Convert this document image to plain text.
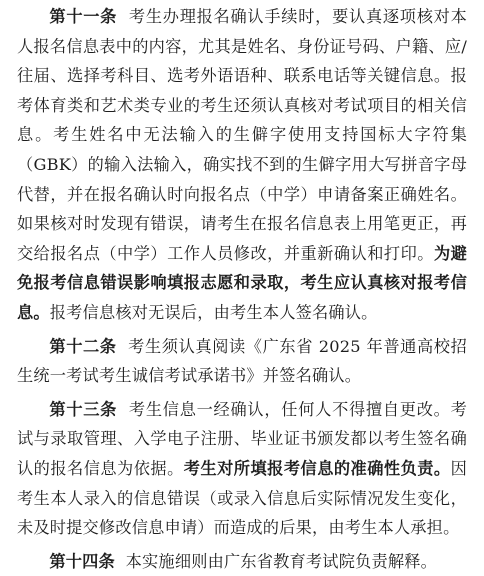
第十一条 考生办理报名确认手续时，要认真逐项核对本人报名信息表中的内容，尤其是姓名、身份证号码、户籍、应/往届、选择考科目、选考外语语种、联系电话等关键信息。报考体育类和艺术类专业的考生还须认真核对考试项目的相关信息。考生姓名中无法输入的生僻字使用支持国标大字符集（GBK）的输入法输入，确实找不到的生僻字用大写拼音字母代替，并在报名确认时向报名点（中学）申请备案正确姓名。如果核对时发现有错误，请考生在报名信息表上用笔更正，再交给报名点（中学）工作人员修改，并重新确认和打印。为避免报考信息错误影响填报志愿和录取，考生应认真核对报考信息。报考信息核对无误后，由考生本人签名确认。

第十二条 考生须认真阅读《广东省 2025 年普通高校招生统一考试考生诚信考试承诺书》并签名确认。

第十三条 考生信息一经确认，任何人不得擅自更改。考试与录取管理、入学电子注册、毕业证书颁发都以考生签名确认的报名信息为依据。考生对所填报考信息的准确性负责。因考生本人录入的信息错误（或录入信息后实际情况发生变化，未及时提交修改信息申请）而造成的后果，由考生本人承担。

第十四条 本实施细则由广东省教育考试院负责解释。
